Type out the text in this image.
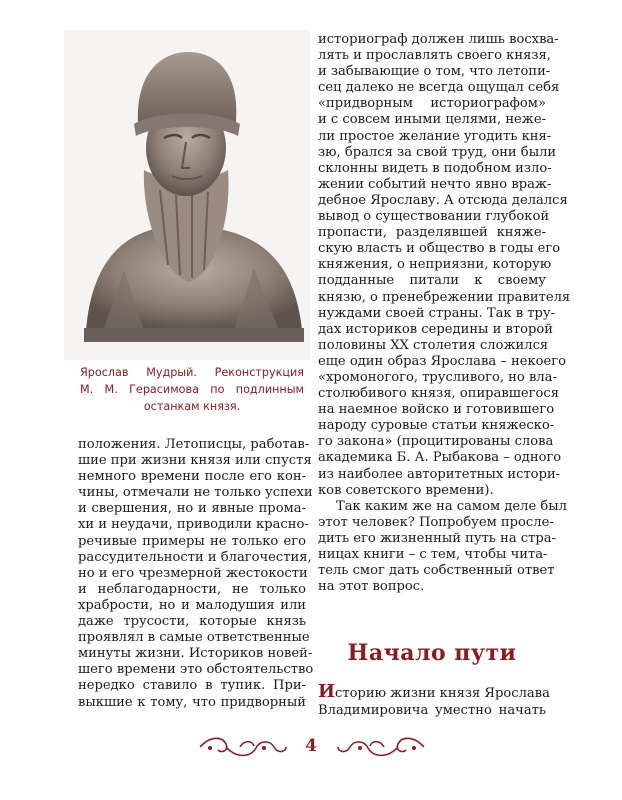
Ярослав Мудрый. Реконструкция
М. М. Герасимова по подлинным
останкам князя.
положения. Летописцы, работав-
шие при жизни князя или спустя
немного времени после его кон-
чины, отмечали не только успехи
и свершения, но и явные прома-
хи и неудачи, приводили красно-
речивые примеры не только его
рассудительности и благочестия,
но и его чрезмерной жестокости
и неблагодарности, не только
храбрости, но и малодушия или
даже трусости, которые князь
проявлял в самые ответственные
минуты жизни. Историков новей-
шего времени это обстоятельство
нередко ставило в тупик. При-
выкшие к тому, что придворный
историограф должен лишь восхва-
лять и прославлять своего князя,
и забывающие о том, что летопи-
сец далеко не всегда ощущал себя
«придворным историографом»
и с совсем иными целями, нежe-
ли простое желание угодить кня-
зю, брался за свой труд, они были
склонны видеть в подобном изло-
жении событий нечто явно враж-
дебное Ярославу. А отсюда делался
вывод о существовании глубокой
пропасти, разделявшей княже-
скую власть и общество в годы его
княжения, о неприязни, которую
подданные питали к своему
князю, о пренебрежении правителя
нуждами своей страны. Так в тру-
дах историков середины и второй
половины XX столетия сложился
еще один образ Ярослава – некоего
«хромоногого, трусливого, но вла-
столюбивого князя, опиравшегося
на наемное войско и готовившего
народу суровые статьи княжеско-
го закона» (процитированы слова
академика Б. А. Рыбакова – одного
из наиболее авторитетных истори-
ков советского времени).
Так каким же на самом деле был
этот человек? Попробуем просле-
дить его жизненный путь на стра-
ницах книги – с тем, чтобы чита-
тель смог дать собственный ответ
на этот вопрос.
Начало пути
Историю жизни князя Ярослава
Владимировича уместно начать
4
